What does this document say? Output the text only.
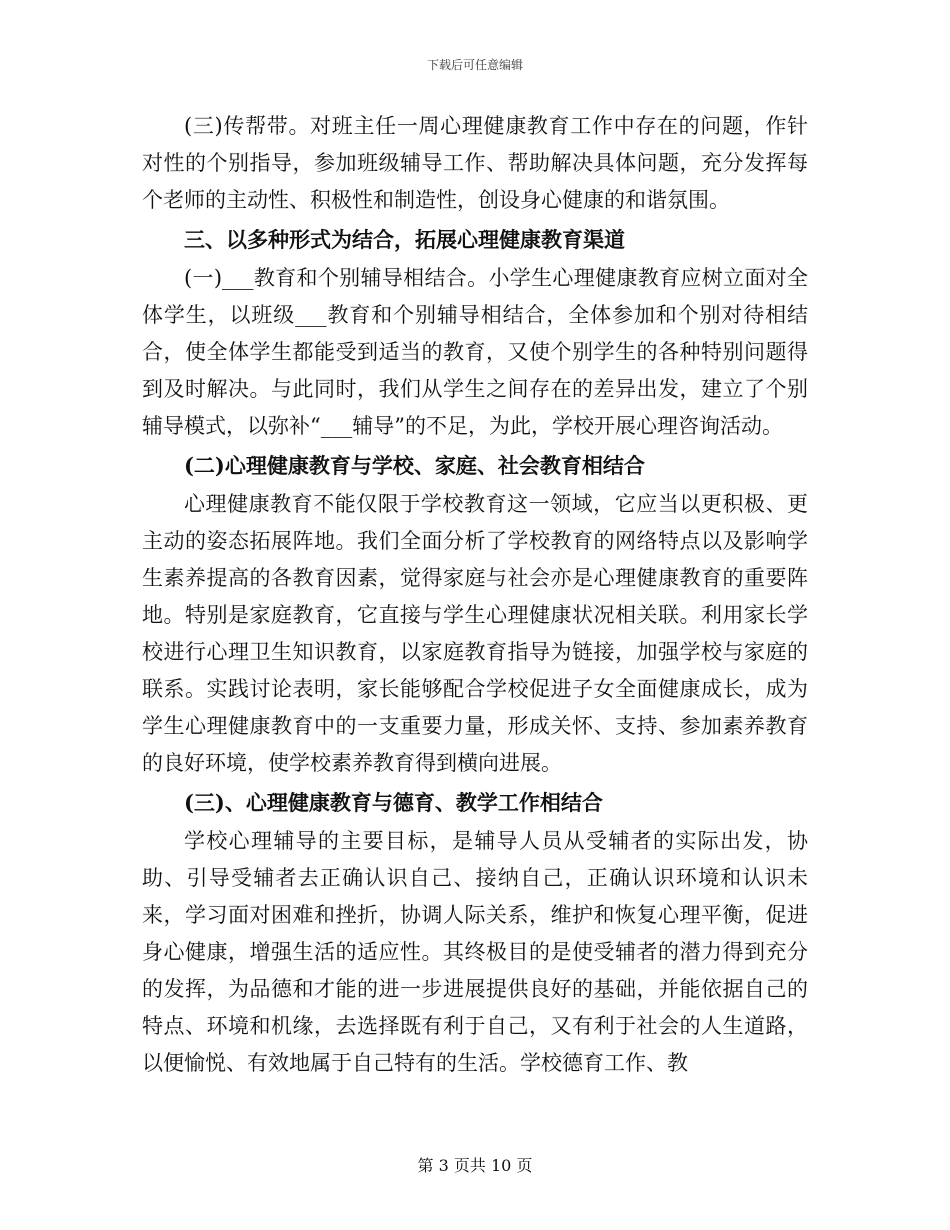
下载后可任意编辑

(三)传帮带。对班主任一周心理健康教育工作中存在的问题，作针对性的个别指导，参加班级辅导工作、帮助解决具体问题，充分发挥每个老师的主动性、积极性和制造性，创设身心健康的和谐氛围。

三、以多种形式为结合，拓展心理健康教育渠道

(一)___教育和个别辅导相结合。小学生心理健康教育应树立面对全体学生，以班级___教育和个别辅导相结合，全体参加和个别对待相结合，使全体学生都能受到适当的教育，又使个别学生的各种特别问题得到及时解决。与此同时，我们从学生之间存在的差异出发，建立了个别辅导模式，以弥补“___辅导”的不足，为此，学校开展心理咨询活动。

(二)心理健康教育与学校、家庭、社会教育相结合

心理健康教育不能仅限于学校教育这一领域，它应当以更积极、更主动的姿态拓展阵地。我们全面分析了学校教育的网络特点以及影响学生素养提高的各教育因素，觉得家庭与社会亦是心理健康教育的重要阵地。特别是家庭教育，它直接与学生心理健康状况相关联。利用家长学校进行心理卫生知识教育，以家庭教育指导为链接，加强学校与家庭的联系。实践讨论表明，家长能够配合学校促进子女全面健康成长，成为学生心理健康教育中的一支重要力量，形成关怀、支持、参加素养教育的良好环境，使学校素养教育得到横向进展。

(三)、心理健康教育与德育、教学工作相结合

学校心理辅导的主要目标，是辅导人员从受辅者的实际出发，协助、引导受辅者去正确认识自己、接纳自己，正确认识环境和认识未来，学习面对困难和挫折，协调人际关系，维护和恢复心理平衡，促进身心健康，增强生活的适应性。其终极目的是使受辅者的潜力得到充分的发挥，为品德和才能的进一步进展提供良好的基础，并能依据自己的特点、环境和机缘，去选择既有利于自己，又有利于社会的人生道路，以便愉悦、有效地属于自己特有的生活。学校德育工作、教

第 3 页共 10 页
